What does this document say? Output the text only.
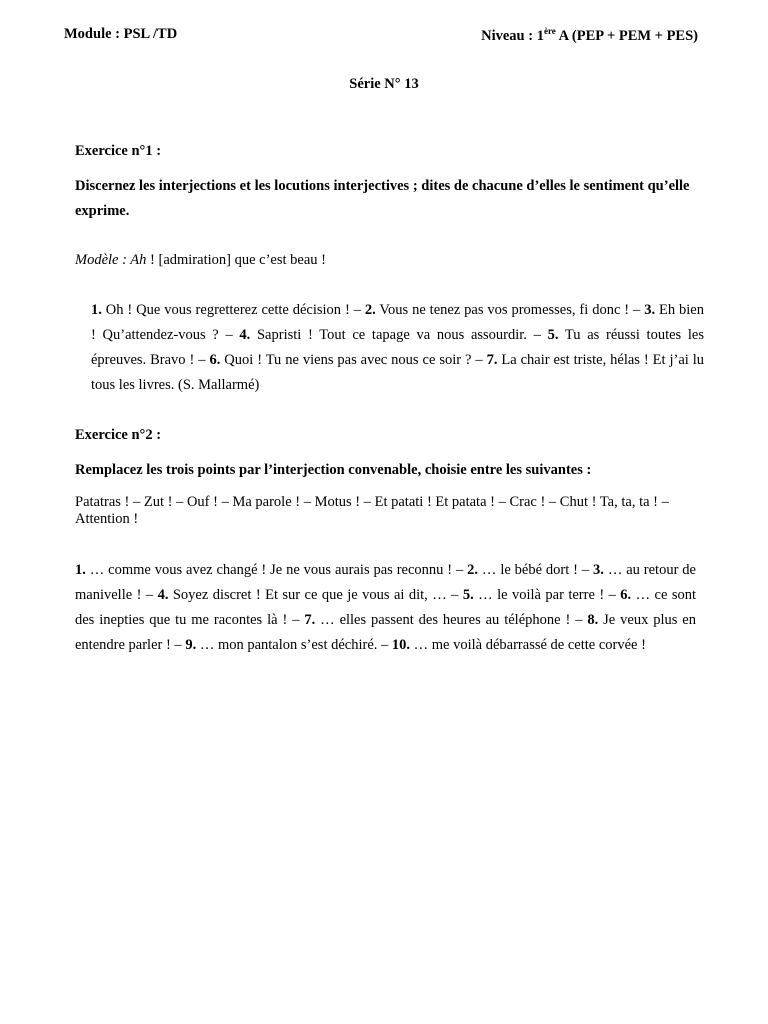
Module : PSL /TD	Niveau : 1ère A (PEP + PEM + PES)
Série N° 13
Exercice n°1 :
Discernez les interjections et les locutions interjectives ; dites de chacune d’elles le sentiment qu’elle exprime.
Modèle : Ah ! [admiration] que c’est beau !
1. Oh ! Que vous regretterez cette décision ! – 2. Vous ne tenez pas vos promesses, fi donc ! – 3. Eh bien ! Qu’attendez-vous ? – 4. Sapristi ! Tout ce tapage va nous assourdir. – 5. Tu as réussi toutes les épreuves. Bravo ! – 6. Quoi ! Tu ne viens pas avec nous ce soir ? – 7. La chair est triste, hélas ! Et j’ai lu tous les livres. (S. Mallarmé)
Exercice n°2 :
Remplacez les trois points par l’interjection convenable, choisie entre les suivantes :
Patatras ! – Zut ! – Ouf ! – Ma parole ! – Motus ! – Et patati ! Et patata ! – Crac ! – Chut ! Ta, ta, ta ! – Attention !
1. … comme vous avez changé ! Je ne vous aurais pas reconnu ! – 2. … le bébé dort ! – 3. … au retour de manivelle ! – 4. Soyez discret ! Et sur ce que je vous ai dit, … – 5. … le voilà par terre ! – 6. … ce sont des inepties que tu me racontes là ! – 7. … elles passent des heures au téléphone ! – 8. Je veux plus en entendre parler ! – 9. … mon pantalon s’est déchiré. – 10. … me voilà débarrassé de cette corvée !
